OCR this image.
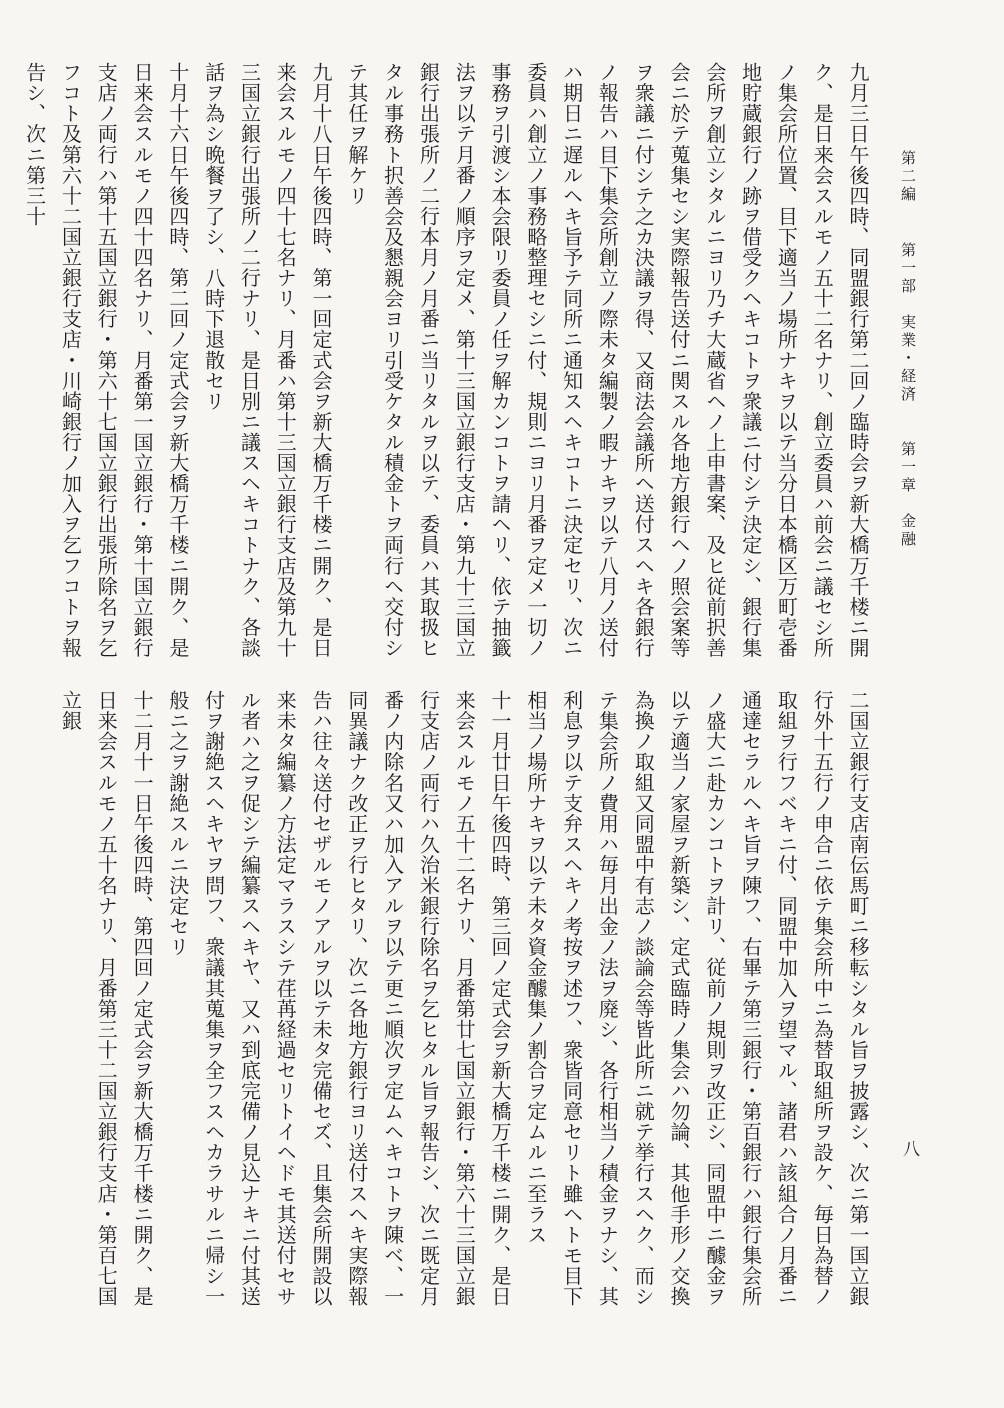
第二編  第一部　実業・経済  第一章　金融
八

九月三日午後四時、同盟銀行第二回ノ臨時会ヲ新大橋万千楼ニ開ク、是日来会スルモノ五十二名ナリ、創立委員ハ前会ニ議セシ所ノ集会所位置、目下適当ノ場所ナキヲ以テ当分日本橋区万町壱番地貯蔵銀行ノ跡ヲ借受クヘキコトヲ衆議ニ付シテ決定シ、銀行集会所ヲ創立シタルニヨリ乃チ大蔵省ヘノ上申書案、及ヒ従前択善会ニ於テ蒐集セシ実際報告送付ニ関スル各地方銀行ヘノ照会案等ヲ衆議ニ付シテ之カ決議ヲ得、又商法会議所ヘ送付スヘキ各銀行ノ報告ハ目下集会所創立ノ際未タ編製ノ暇ナキヲ以テ八月ノ送付ハ期日ニ遅ルヘキ旨予テ同所ニ通知スヘキコトニ決定セリ、次ニ委員ハ創立ノ事務略整理セシニ付、規則ニヨリ月番ヲ定メ一切ノ事務ヲ引渡シ本会限リ委員ノ任ヲ解カンコトヲ請ヘリ、依テ抽籤法ヲ以テ月番ノ順序ヲ定メ、第十三国立銀行支店・第九十三国立銀行出張所ノ二行本月ノ月番ニ当リタルヲ以テ、委員ハ其取扱ヒタル事務ト択善会及懇親会ヨリ引受ケタル積金トヲ両行ヘ交付シテ其任ヲ解ケリ
九月十八日午後四時、第一回定式会ヲ新大橋万千楼ニ開ク、是日来会スルモノ四十七名ナリ、月番ハ第十三国立銀行支店及第九十三国立銀行出張所ノ二行ナリ、是日別ニ議スヘキコトナク、各談話ヲ為シ晩餐ヲ了シ、八時下退散セリ
十月十六日午後四時、第二回ノ定式会ヲ新大橋万千楼ニ開ク、是日来会スルモノ四十四名ナリ、月番第一国立銀行・第十国立銀行支店ノ両行ハ第十五国立銀行・第六十七国立銀行出張所除名ヲ乞フコト及第六十二国立銀行支店・川崎銀行ノ加入ヲ乞フコトヲ報告シ、次ニ第三十

二国立銀行支店南伝馬町ニ移転シタル旨ヲ披露シ、次ニ第一国立銀行外十五行ノ申合ニ依テ集会所中ニ為替取組所ヲ設ケ、毎日為替ノ取組ヲ行フベキニ付、同盟中加入ヲ望マル、諸君ハ該組合ノ月番ニ通達セラルヘキ旨ヲ陳フ、右畢テ第三銀行・第百銀行ハ銀行集会所ノ盛大ニ赴カンコトヲ計リ、従前ノ規則ヲ改正シ、同盟中ニ醵金ヲ以テ適当ノ家屋ヲ新築シ、定式臨時ノ集会ハ勿論、其他手形ノ交換為換ノ取組又同盟中有志ノ談論会等皆此所ニ就テ挙行スヘク、而シテ集会所ノ費用ハ毎月出金ノ法ヲ廃シ、各行相当ノ積金ヲナシ、其利息ヲ以テ支弁スヘキノ考按ヲ述フ、衆皆同意セリト雖ヘトモ目下相当ノ場所ナキヲ以テ未タ資金醵集ノ割合ヲ定ムルニ至ラス
十一月廿日午後四時、第三回ノ定式会ヲ新大橋万千楼ニ開ク、是日来会スルモノ五十二名ナリ、月番第廿七国立銀行・第六十三国立銀行支店ノ両行ハ久治米銀行除名ヲ乞ヒタル旨ヲ報告シ、次ニ既定月番ノ内除名又ハ加入アルヲ以テ更ニ順次ヲ定ムヘキコトヲ陳ベ、一同異議ナク改正ヲ行ヒタリ、次ニ各地方銀行ヨリ送付スヘキ実際報告ハ往々送付セザルモノアルヲ以テ未タ完備セズ、且集会所開設以来未タ編纂ノ方法定マラスシテ荏苒経過セリトイヘドモ其送付セサル者ハ之ヲ促シテ編纂スヘキヤ、又ハ到底完備ノ見込ナキニ付其送付ヲ謝絶スヘキヤヲ問フ、衆議其蒐集ヲ全フスヘカラサルニ帰シ一般ニ之ヲ謝絶スルニ決定セリ
十二月十一日午後四時、第四回ノ定式会ヲ新大橋万千楼ニ開ク、是日来会スルモノ五十名ナリ、月番第三十二国立銀行支店・第百七国立銀
